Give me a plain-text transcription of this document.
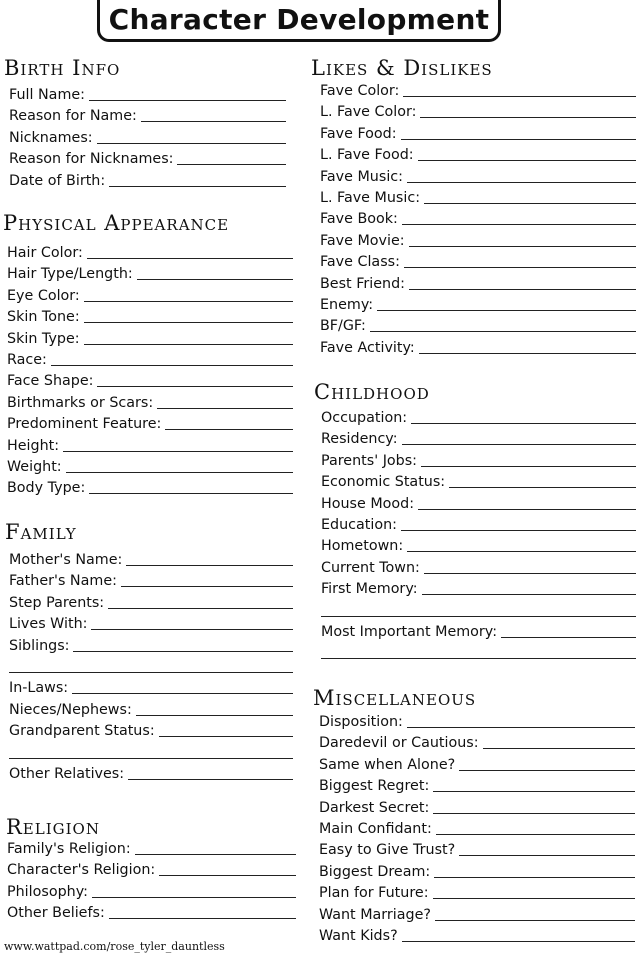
Character Development
Birth Info
Full Name:
Reason for Name:
Nicknames:
Reason for Nicknames:
Date of Birth:
Physical Appearance
Hair Color:
Hair Type/Length:
Eye Color:
Skin Tone:
Skin Type:
Race:
Face Shape:
Birthmarks or Scars:
Predominent Feature:
Height:
Weight:
Body Type:
Family
Mother's Name:
Father's Name:
Step Parents:
Lives With:
Siblings:
In-Laws:
Nieces/Nephews:
Grandparent Status:
Other Relatives:
Religion
Family's Religion:
Character's Religion:
Philosophy:
Other Beliefs:
Likes & Dislikes
Fave Color:
L. Fave Color:
Fave Food:
L. Fave Food:
Fave Music:
L. Fave Music:
Fave Book:
Fave Movie:
Fave Class:
Best Friend:
Enemy:
BF/GF:
Fave Activity:
Childhood
Occupation:
Residency:
Parents' Jobs:
Economic Status:
House Mood:
Education:
Hometown:
Current Town:
First Memory:
Most Important Memory:
Miscellaneous
Disposition:
Daredevil or Cautious:
Same when Alone?
Biggest Regret:
Darkest Secret:
Main Confidant:
Easy to Give Trust?
Biggest Dream:
Plan for Future:
Want Marriage?
Want Kids?
www.wattpad.com/rose_tyler_dauntless
